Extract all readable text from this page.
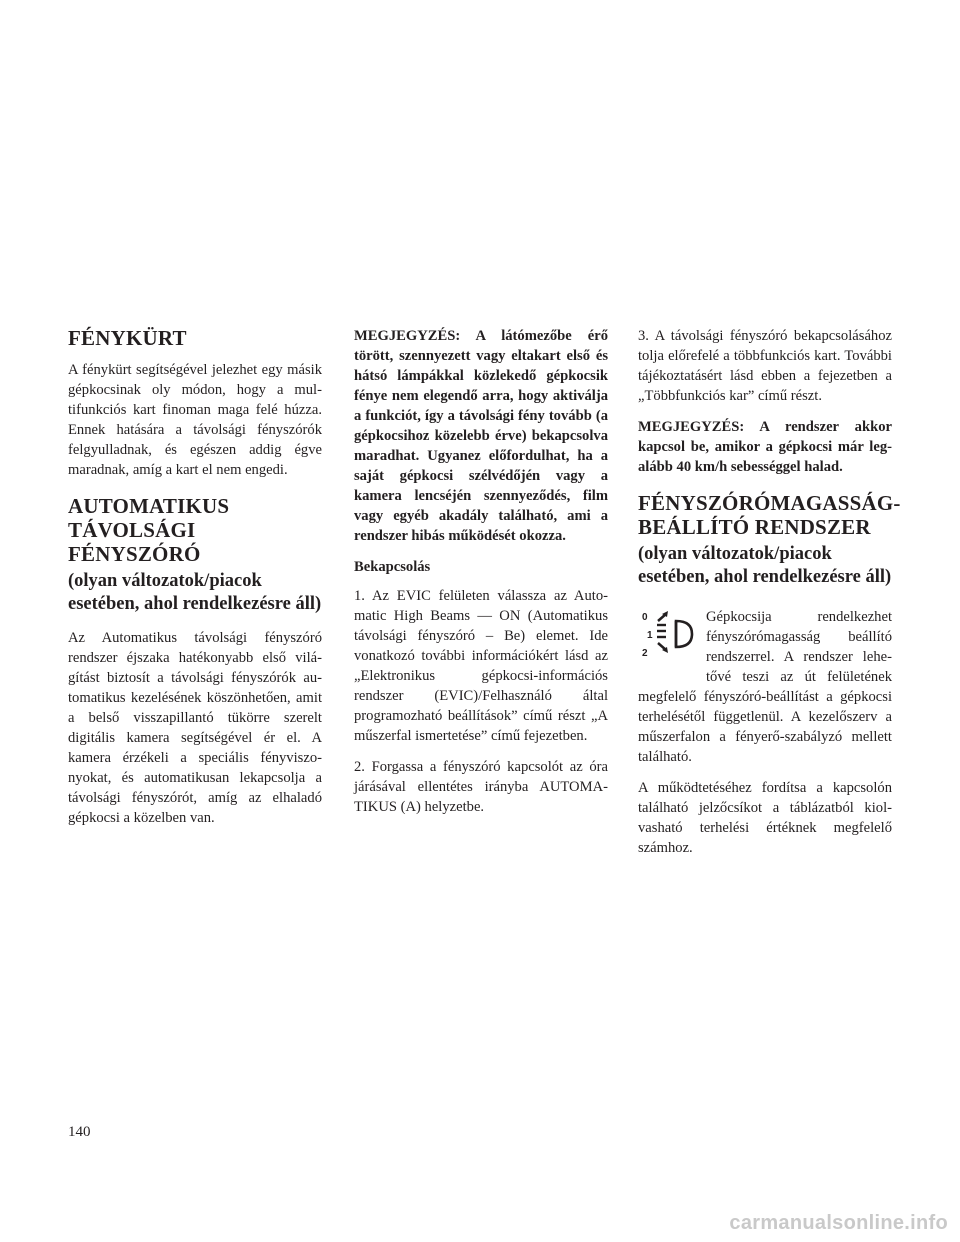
FÉNYKÜRT

A fénykürt segítségével jelezhet egy másik gépkocsinak oly módon, hogy a multifunkciós kart finoman maga felé húzza. Ennek hatására a távolsági fényszórók felgyulladnak, és egészen addig égve maradnak, amíg a kart el nem engedi.

AUTOMATIKUS TÁVOLSÁGI FÉNYSZÓRÓ
(olyan változatok/piacok esetében, ahol rendelkezésre áll)

Az Automatikus távolsági fényszóró rendszer éjszaka hatékonyabb első világítást biztosít a távolsági fényszórók automatikus kezelésének köszönhetően, amit a belső visszapillantó tükörre szerelt digitális kamera segítségével ér el. A kamera érzékeli a speciális fényviszonyokat, és automatikusan lekapcsolja a távolsági fényszórót, amíg az elhaladó gépkocsi a közelben van.

MEGJEGYZÉS: A látómezőbe érő törött, szennyezett vagy eltakart első és hátsó lámpákkal közlekedő gépkocsik fénye nem elegendő arra, hogy aktiválja a funkciót, így a távolsági fény tovább (a gépkocsihoz közelebb érve) bekapcsolva maradhat. Ugyanez előfordulhat, ha a saját gépkocsi szélvédőjén vagy a kamera lencséjén szennyeződés, film vagy egyéb akadály található, ami a rendszer hibás működését okozza.

Bekapcsolás

1. Az EVIC felületen válassza az Automatic High Beams — ON (Automatikus távolsági fényszóró – Be) elemet. Ide vonatkozó további információkért lásd az „Elektronikus gépkocsi-információs rendszer (EVIC)/Felhasználó által programozható beállítások” című részt „A műszerfal ismertetése” című fejezetben.

2. Forgassa a fényszóró kapcsolót az óra járásával ellentétes irányba AUTOMATIKUS (A) helyzetbe.

3. A távolsági fényszóró bekapcsolásához tolja előrefelé a többfunkciós kart. További tájékoztatásért lásd ebben a fejezetben a „Többfunkciós kar” című részt.

MEGJEGYZÉS: A rendszer akkor kapcsol be, amikor a gépkocsi már legalább 40 km/h sebességgel halad.

FÉNYSZÓRÓMAGASSÁG-BEÁLLÍTÓ RENDSZER
(olyan változatok/piacok esetében, ahol rendelkezésre áll)
0
1
2

Gépkocsija rendelkezhet fényszórómagasság beállító rendszerrel. A rendszer lehetővé teszi az út felületének megfelelő fényszóró-beállítást a gépkocsi terhelésétől függetlenül. A kezelőszerv a műszerfalon a fényerő-szabályzó mellett található.

A működtetéséhez fordítsa a kapcsolón található jelzőcsíkot a táblázatból kiolvasható terhelési értéknek megfelelő számhoz.

140
carmanualsonline.info
